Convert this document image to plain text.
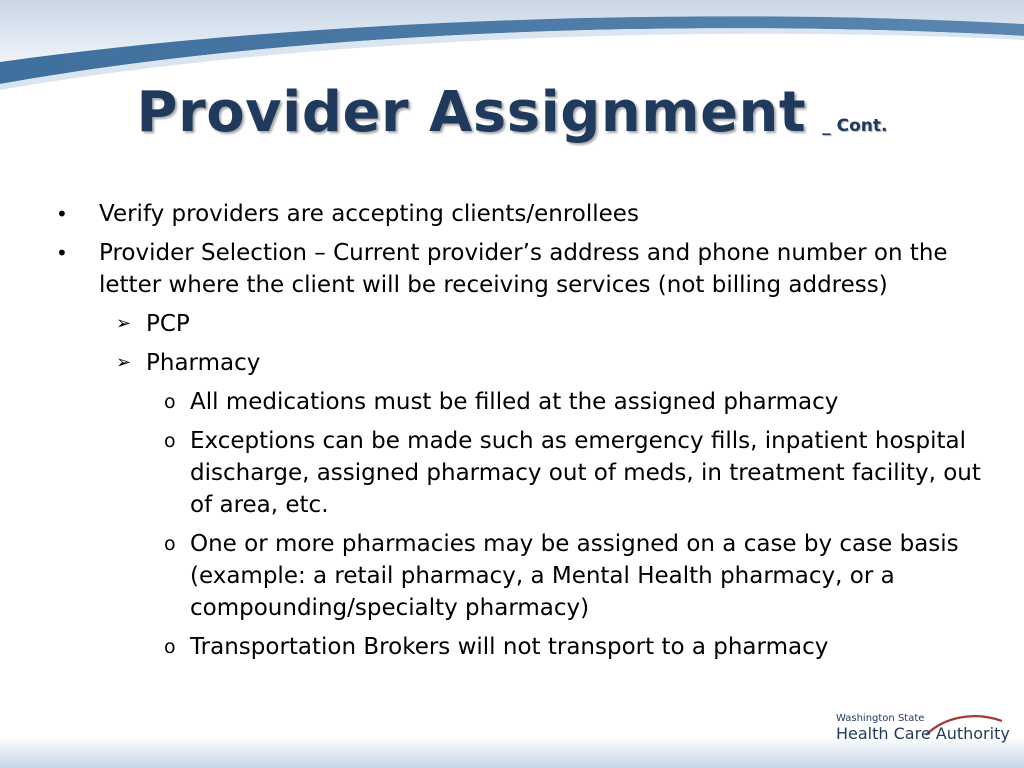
Provider Assignment _ Cont.
• Verify providers are accepting clients/enrollees
• Provider Selection – Current provider’s address and phone number on the letter where the client will be receiving services (not billing address)
➢ PCP
➢ Pharmacy
o All medications must be filled at the assigned pharmacy
o Exceptions can be made such as emergency fills, inpatient hospital discharge, assigned pharmacy out of meds, in treatment facility, out of area, etc.
o One or more pharmacies may be assigned on a case by case basis (example: a retail pharmacy, a Mental Health pharmacy, or a compounding/specialty pharmacy)
o Transportation Brokers will not transport to a pharmacy
Washington State
Health Care Authority
